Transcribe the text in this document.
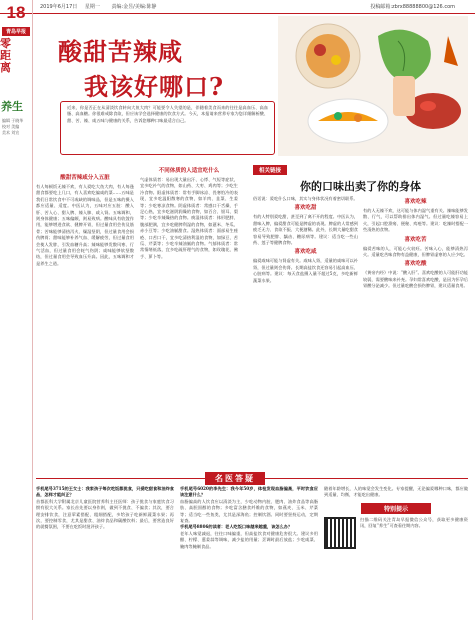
2019年6月17日 星期一 责编:金昱/美编:陈静	投稿邮箱:zbrx88888800@126.com
18
青岛早报
零距离
养生
编辑 于晓华
校对 美编
美术 刘宣
酸甜苦辣咸
我该好哪口?

近来，你是否正在从清淡饮食转向大鱼大肉？可能要令人失望的是，伴随着美食而来的往往是高血压、高血脂、高血糖。你很难戒除食欲，但应该学会选择健康的饮食方式。今天，本报请来营养专家为您详细解析酸、甜、苦、辣、咸五味与健康的关系，告诉您哪种口味最适合自己。

酸甜苦辣咸分入五脏

有人每顿饭无辣不欢，有人爱吃大鱼大肉，有人每逢甜食都要吃上几口，有人喜欢吃偏咸的菜……五味是我们日常饮食中不可或缺的调味品，但是五味的摄入都应适量、适度。中医认为，五味对应五脏：酸入肝、苦入心、甜入脾、辣入肺、咸入肾。五味调和，则身体健康；五味偏颇，则易致病。酸味具有收敛作用，能够增进食欲、健脾开胃，但过量食用会伤及筋骨；苦味能够清热泻火、燥湿坚阴，但过量食用会损伤脾胃；甜味能够补养气血、缓解疲劳，但过量食用会使人发胖，引发血糖升高；辣味能够发散风寒、行气活血，但过量食用会耗气伤阴；咸味能够软坚散结，但过量食用会导致血压升高。因此，五味调和才是养生之道。

不同体质的人适宜吃什么

气虚体质者：易出现大量出汗、心悸、气短等症状，宜多吃补气的食物，如山药、大枣、鸡肉等；少吃生冷食物。阳虚体质者：常有手脚冰凉、畏寒怕冷的表现，宜多吃温阳散寒的食物，如羊肉、韭菜、生姜等；少吃寒凉食物。阴虚体质者：常感口干舌燥、手足心热，宜多吃滋阴润燥的食物，如百合、银耳、梨等；少吃辛辣燥热的食物。痰湿体质者：体形肥胖、腹部肥满，宜多吃健脾利湿的食物，如薏米、冬瓜、赤小豆等；少吃油腻甜食。湿热体质者：面部易生痤疮、口苦口干，宜多吃清热利湿的食物，如绿豆、苦瓜、芹菜等；少吃辛辣油腻的食物。气郁体质者：常常情绪低落，宜多吃疏肝理气的食物，如玫瑰花、佛手、萝卜等。

相关链接
你的口味出卖了你的身体

俗话说：爱吃什么口味，其实与身体状况有着密切联系。

喜欢吃甜

有的人特别爱吃甜，甚至到了离不开的程度。中医认为，甜味入脾，偏爱甜食可能是脾虚的表现。脾虚的人常感到疲乏无力、食欲不振、大便溏稀。此外，长期大量吃甜食容易导致肥胖、龋齿、糖尿病等。建议：适当吃一些山药、莲子等健脾食物。

喜欢吃咸

偏爱咸味可能与肾虚有关。咸味入肾，适量的咸味可以补肾，但过量则会伤肾。长期高盐饮食还容易引起高血压、心脏病等。建议：每天食盐摄入量不超过5克，多吃新鲜蔬菜水果。

喜欢吃辣

有的人无辣不欢，这可能与体内湿气重有关。辣味能够发散、行气，可以帮助排出体内湿气。但过量吃辣容易上火，引起口腔溃疡、便秘、痔疮等。建议：吃辣时搭配一些清热的食物。

喜欢吃苦

偏爱苦味的人，可能心火较旺。苦味入心，能够清热泻火。适量吃苦味食物有益健康，但脾胃虚寒的人应少吃。

喜欢吃酸

《黄帝内经》中说：“酸入肝”。喜欢吃酸的人可能肝功能较弱，需要酸味来补充。孕妇常喜欢吃酸，是因为怀孕后胃酸分泌减少。但过量吃酸会损伤脾胃，建议适量食用。

名医答疑

手机尾号3715的王女士：我家孩子每次吃饭都挑食，只爱吃甜食和油炸食品，怎样才能纠正？

首都医科大学附属北京儿童医院营养科主任医师：孩子挑食与家庭饮食习惯有很大关系。家长首先要以身作则，做到不挑食、不偏食；其次，要合理安排饮食，注意荤素搭配、粗细搭配，多给孩子吃新鲜蔬菜水果；再次，要控制零食，尤其是甜食、油炸食品和碳酸饮料；最后，要营造良好的就餐氛围，不要在吃饭时批评孩子。

手机尾号6020的李先生：我今年50岁，体检发现血脂偏高，平时饮食应该注意什么？

血脂偏高的人饮食应以清淡为主，少吃动物内脏、肥肉、油炸食品等高脂肪、高胆固醇的食物；多吃富含膳食纤维的食物，如燕麦、玉米、芹菜等；适当吃一些鱼类，尤其是深海鱼；控制饮酒。同时要坚持运动，定期复查。

手机尾号8806的读者：老人吃饭口味越来越重，该怎么办？

老年人味觉减退，往往口味偏重，但高盐饮食对健康危害很大。建议多用醋、柠檬、葱姜蒜等调味，减少盐的用量；烹调时最后放盐；少吃咸菜、腌肉等腌制食品。

随着年龄增长，人的味觉会发生变化。专家提醒，无论偏爱哪种口味，都应做到适量、均衡，才能吃出健康。

特别提示

扫描二维码关注青岛早报微信公众号，获取更多健康资讯，回复“养生”可查看往期内容。
